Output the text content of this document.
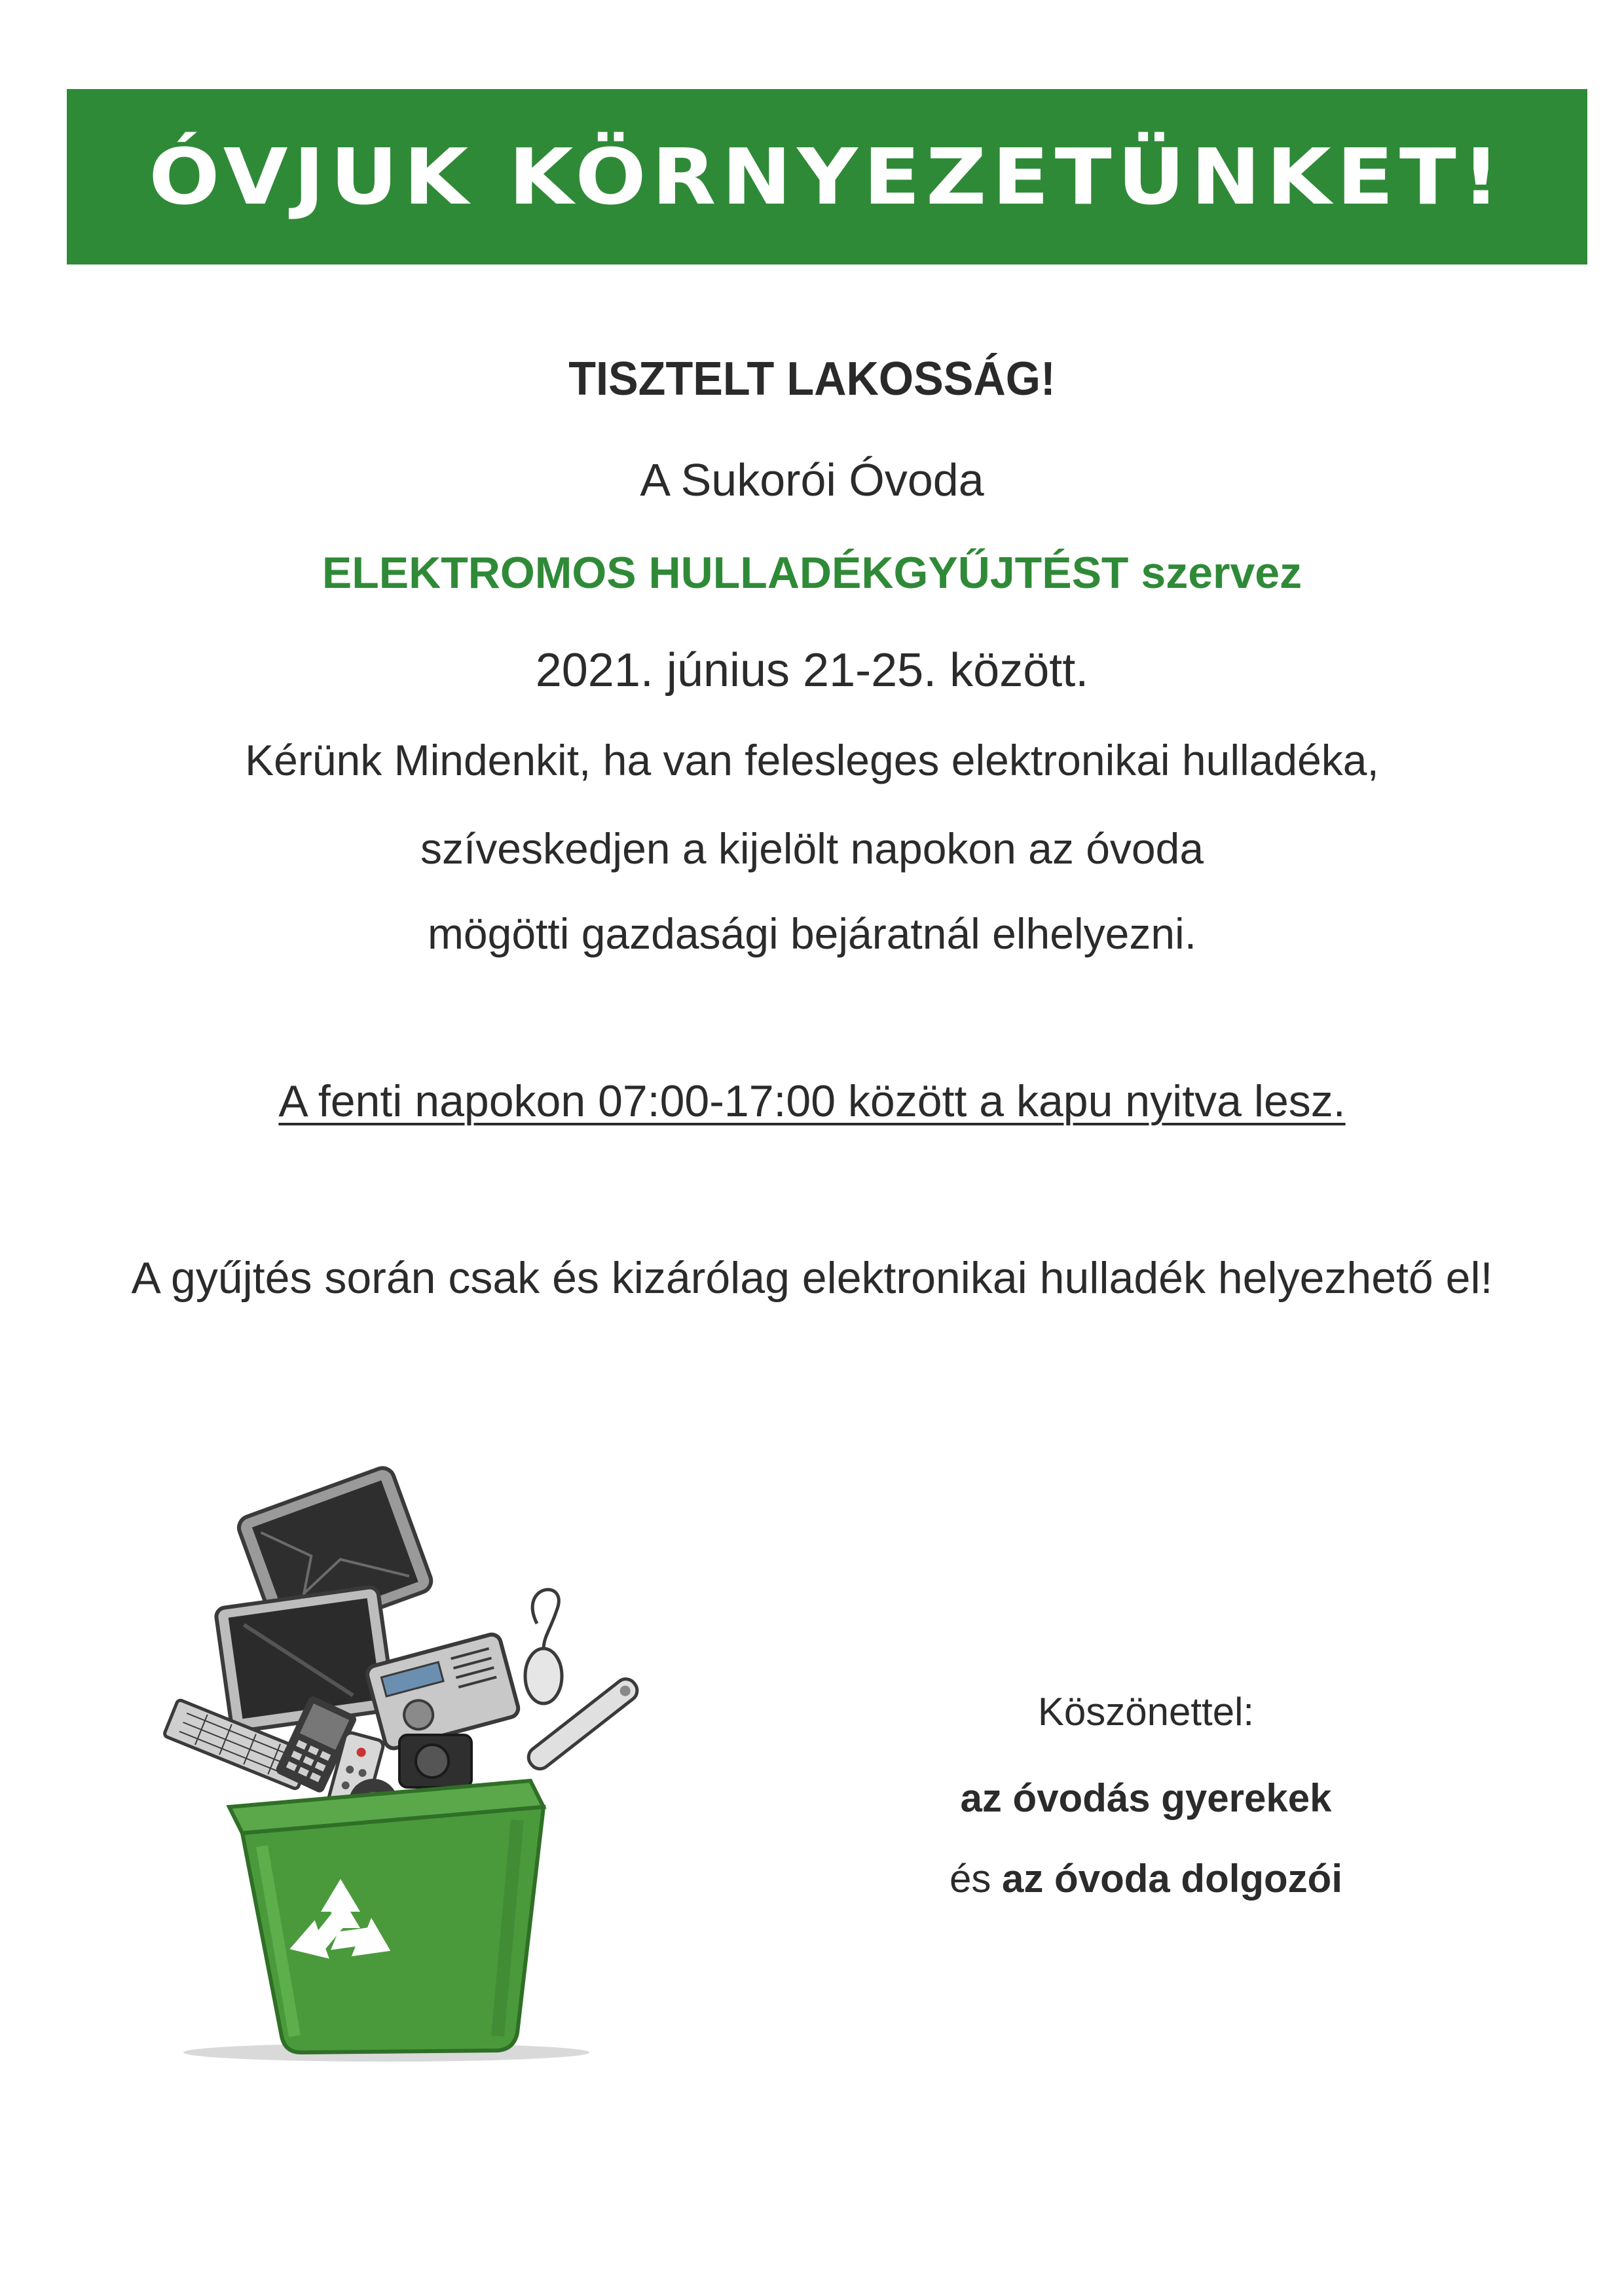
ÓVJUK KÖRNYEZETÜNKET!
TISZTELT LAKOSSÁG!
A Sukorói Óvoda
ELEKTROMOS HULLADÉKGYŰJTÉST szervez
2021. június 21-25. között.
Kérünk Mindenkit, ha van felesleges elektronikai hulladéka,
szíveskedjen a kijelölt napokon az óvoda
mögötti gazdasági bejáratnál elhelyezni.
A fenti napokon 07:00-17:00 között a kapu nyitva lesz.
A gyűjtés során csak és kizárólag elektronikai hulladék helyezhető el!
Köszönettel:
az óvodás gyerekek
és az óvoda dolgozói
